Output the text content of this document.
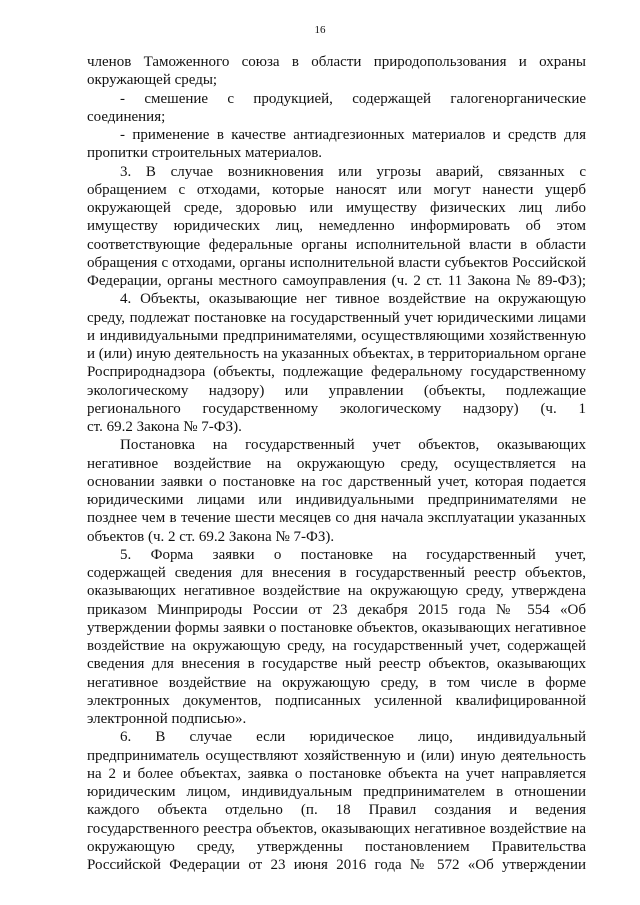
16
членов Таможенного союза в области природопользования и охраны
окружающей среды;
- смешение с продукцией, содержащей галогенорганические
соединения;
- применение в качестве антиадгезионных материалов и средств для
пропитки строительных материалов.
3. В случае возникновения или угрозы аварий, связанных с
обращением с отходами, которые наносят или могут нанести ущерб
окружающей среде, здоровью или имуществу физических лиц либо
имуществу юридических лиц, немедленно информировать об этом
соответствующие федеральные органы исполнительной власти в области
обращения с отходами, органы исполнительной власти субъектов Российской
Федерации, органы местного самоуправления (ч. 2 ст. 11 Закона № 89-ФЗ);
4. Объекты, оказывающие нег тивное воздействие на окружающую
среду, подлежат постановке на государственный учет юридическими лицами
и индивидуальными предпринимателями, осуществляющими хозяйственную
и (или) иную деятельность на указанных объектах, в территориальном органе
Росприроднадзора (объекты, подлежащие федеральному государственному
экологическому надзору) или управлении (объекты, подлежащие
регионального государственному экологическому надзору) (ч. 1
ст. 69.2 Закона № 7-ФЗ).
Постановка на государственный учет объектов, оказывающих
негативное воздействие на окружающую среду, осуществляется на
основании заявки о постановке на гос дарственный учет, которая подается
юридическими лицами или индивидуальными предпринимателями не
позднее чем в течение шести месяцев со дня начала эксплуатации указанных
объектов (ч. 2 ст. 69.2 Закона № 7-ФЗ).
5. Форма заявки о постановке на государственный учет,
содержащей сведения для внесения в государственный реестр объектов,
оказывающих негативное воздействие на окружающую среду, утверждена
приказом Минприроды России от 23 декабря 2015 года № 554 «Об
утверждении формы заявки о постановке объектов, оказывающих негативное
воздействие на окружающую среду, на государственный учет, содержащей
сведения для внесения в государстве ный реестр объектов, оказывающих
негативное воздействие на окружающую среду, в том числе в форме
электронных документов, подписанных усиленной квалифицированной
электронной подписью».
6. В случае если юридическое лицо, индивидуальный
предприниматель осуществляют хозяйственную и (или) иную деятельность
на 2 и более объектах, заявка о постановке объекта на учет направляется
юридическим лицом, индивидуальным предпринимателем в отношении
каждого объекта отдельно (п. 18 Правил создания и ведения
государственного реестра объектов, оказывающих негативное воздействие на
окружающую среду, утвержденны постановлением Правительства
Российской Федерации от 23 июня 2016 года № 572 «Об утверждении
